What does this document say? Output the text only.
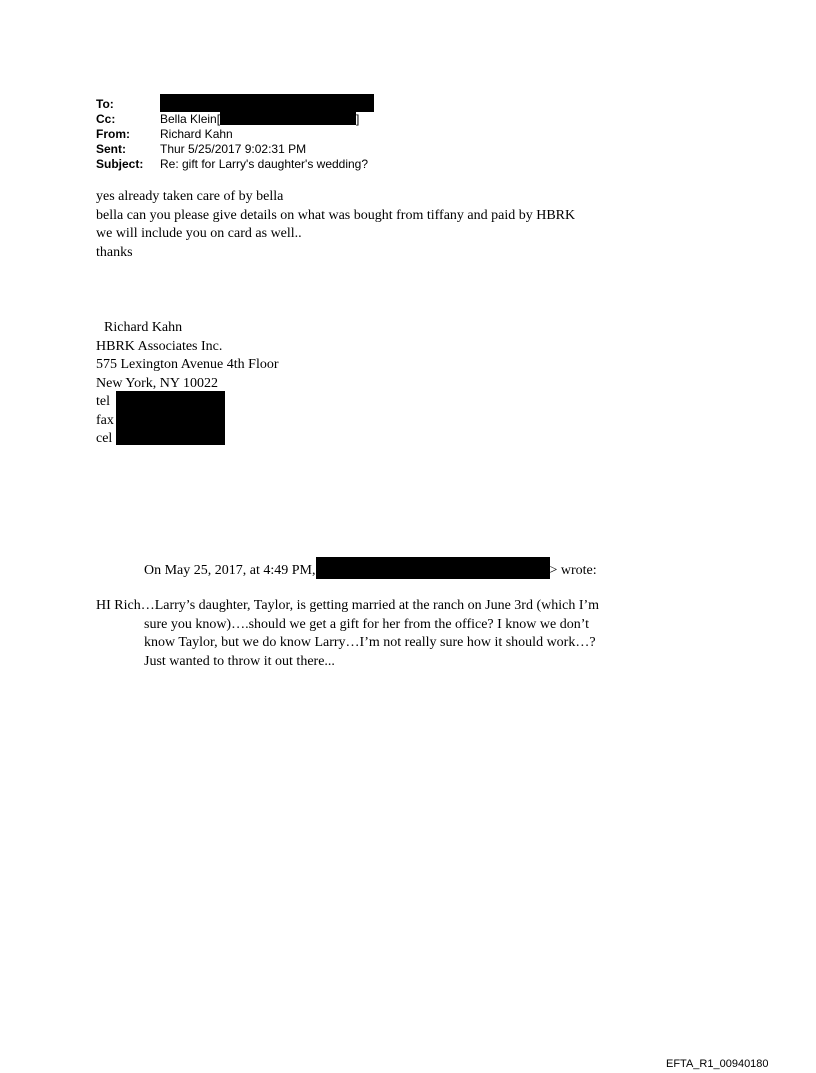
To:
Cc:	Bella Klein[	]
From:	Richard Kahn
Sent:	Thur 5/25/2017 9:02:31 PM
Subject:	Re: gift for Larry's daughter's wedding?
yes already taken care of by bella
bella can you please give details on what was bought from tiffany and paid by HBRK
we will include you on card as well..
thanks
Richard Kahn
HBRK Associates Inc.
575 Lexington Avenue 4th Floor
New York, NY 10022
tel
fax
cel
On May 25, 2017, at 4:49 PM,	> wrote:
HI Rich…Larry’s daughter, Taylor, is getting married at the ranch on June 3rd (which I’m
sure you know)….should we get a gift for her from the office? I know we don’t
know Taylor, but we do know Larry…I’m not really sure how it should work…?
Just wanted to throw it out there...
EFTA_R1_00940180
